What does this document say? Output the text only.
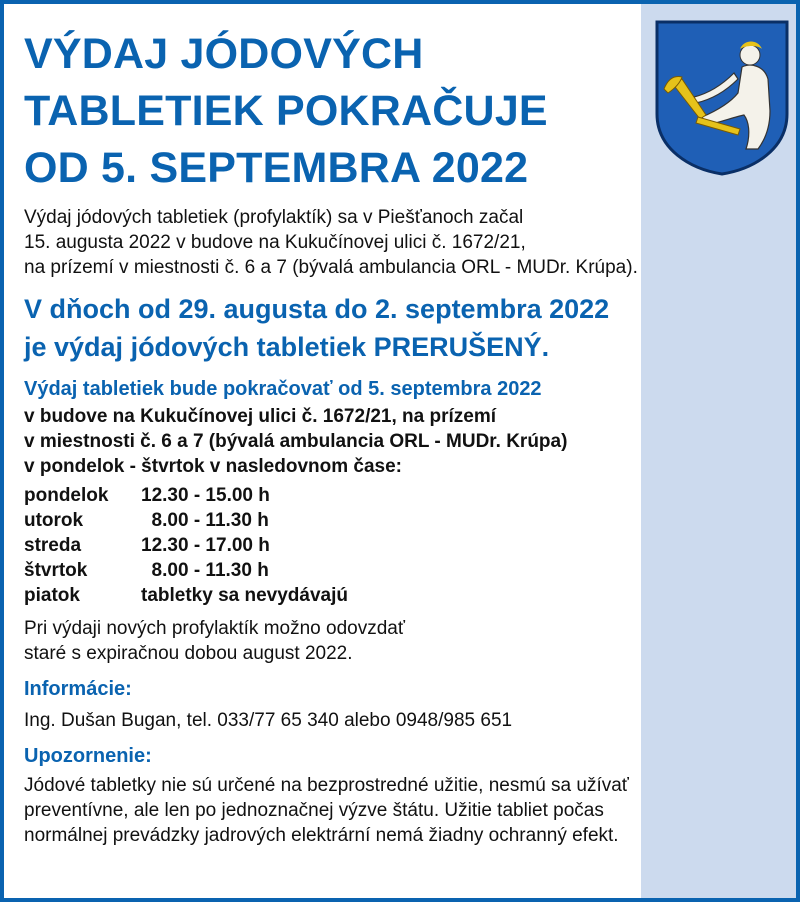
VÝDAJ JÓDOVÝCH
TABLETIEK POKRAČUJE
OD 5. SEPTEMBRA 2022
Výdaj jódových tabletiek (profylaktík) sa v Piešťanoch začal
15. augusta 2022 v budove na Kukučínovej ulici č. 1672/21,
na prízemí v miestnosti č. 6 a 7 (bývalá ambulancia ORL - MUDr. Krúpa).
V dňoch od 29. augusta do 2. septembra 2022
je výdaj jódových tabletiek PRERUŠENÝ.
Výdaj tabletiek bude pokračovať od 5. septembra 2022
v budove na Kukučínovej ulici č. 1672/21, na prízemí
v miestnosti č. 6 a 7 (bývalá ambulancia ORL - MUDr. Krúpa)
v pondelok - štvrtok v nasledovnom čase:
pondelok	12.30 - 15.00 h
utorok	8.00 - 11.30 h
streda	12.30 - 17.00 h
štvrtok	8.00 - 11.30 h
piatok	tabletky sa nevydávajú
Pri výdaji nových profylaktík možno odovzdať
staré s expiračnou dobou august 2022.
Informácie:
Ing. Dušan Bugan, tel. 033/77 65 340 alebo 0948/985 651
Upozornenie:
Jódové tabletky nie sú určené na bezprostredné užitie, nesmú sa užívať
preventívne, ale len po jednoznačnej výzve štátu. Užitie tabliet počas
normálnej prevádzky jadrových elektrární nemá žiadny ochranný efekt.
